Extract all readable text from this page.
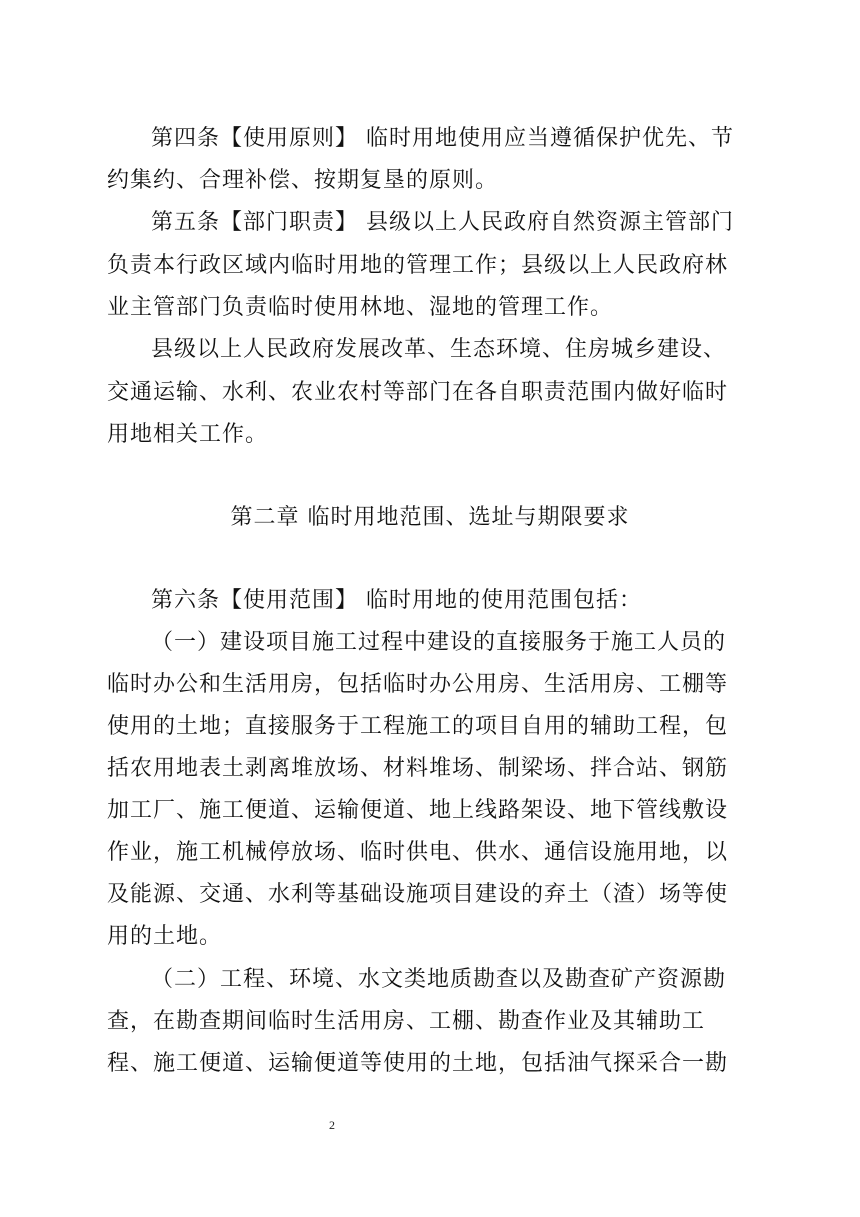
第四条【使用原则】 临时用地使用应当遵循保护优先、节
约集约、合理补偿、按期复垦的原则。
第五条【部门职责】 县级以上人民政府自然资源主管部门
负责本行政区域内临时用地的管理工作；县级以上人民政府林
业主管部门负责临时使用林地、湿地的管理工作。
县级以上人民政府发展改革、生态环境、住房城乡建设、
交通运输、水利、农业农村等部门在各自职责范围内做好临时
用地相关工作。
第二章 临时用地范围、选址与期限要求
第六条【使用范围】 临时用地的使用范围包括：
（一）建设项目施工过程中建设的直接服务于施工人员的
临时办公和生活用房，包括临时办公用房、生活用房、工棚等
使用的土地；直接服务于工程施工的项目自用的辅助工程，包
括农用地表土剥离堆放场、材料堆场、制梁场、拌合站、钢筋
加工厂、施工便道、运输便道、地上线路架设、地下管线敷设
作业，施工机械停放场、临时供电、供水、通信设施用地，以
及能源、交通、水利等基础设施项目建设的弃土（渣）场等使
用的土地。
（二）工程、环境、水文类地质勘查以及勘查矿产资源勘
查，在勘查期间临时生活用房、工棚、勘查作业及其辅助工
程、施工便道、运输便道等使用的土地，包括油气探采合一勘
2
